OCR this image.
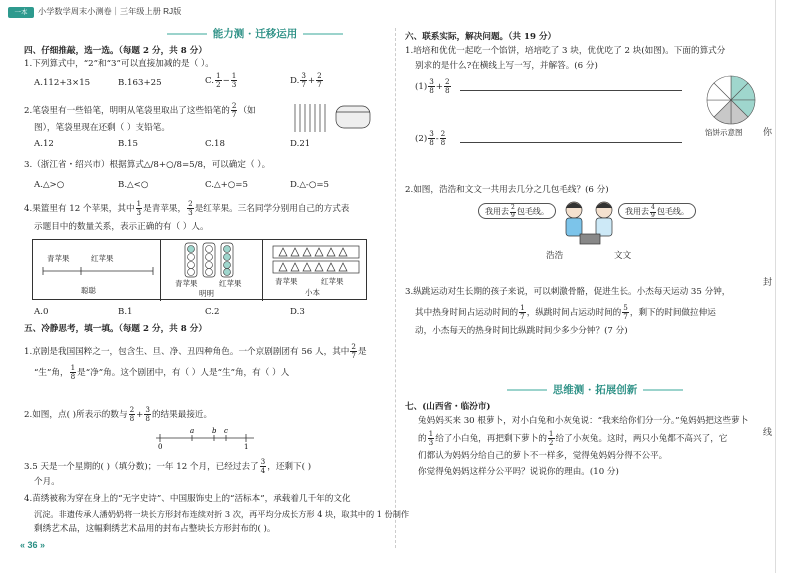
一本	小学数学周末小测卷｜三年级上册 RJ版
能力测 · 迁移运用
四、仔细推敲，选一选。（每题 2 分，共 8 分）
1.下列算式中，“2”和“3”可以直接加减的是（ ）。
A.112+3×15	B.163+25	C. $\frac{1}{2} - \frac{1}{3}$	D. $\frac{3}{7} + \frac{2}{7}$
2.笔袋里有一些铅笔，明明从笔袋里取出了这些铅笔的 $\frac{2}{7}$ （如
图），笔袋里现在还剩（ ）支铅笔。
A.12	B.15	C.18	D.21
3.（浙江省・绍兴市）根据算式△/8+○/8=5/8，可以确定（ ）。
A.△>○	B.△<○	C.△+○=5	D.△-○=5
4.果篮里有 12 个苹果，其中 $\frac{1}{3}$ 是青苹果， $\frac{2}{3}$ 是红苹果。三名同学分别用自己的方式表
示题目中的数量关系，表示正确的有（ ）人。
青苹果	红苹果
聪聪
青苹果	红苹果
明明
青苹果	红苹果
小本
A.0	B.1	C.2	D.3
五、冷静思考，填一填。（每题 2 分，共 8 分）
1.京剧是我国国粹之一，包含生、旦、净、丑四种角色。一个京剧剧团有 56 人，其中 $\frac{2}{7}$ 是
“生”角， $\frac{1}{8}$ 是“净”角。这个剧团中，有（ ）人是“生”角，有（ ）人
2.如图，点( )所表示的数与 $\frac{2}{8} + \frac{3}{8}$ 的结果最接近。
0
a	b c
1
3.5 天是一个星期的( )（填分数)；一年 12 个月，已经过去了 $\frac{3}{4}$ ，还剩下( )
个月。
4.苗绣被称为穿在身上的“无字史诗”、中国服饰史上的“活标本”，承载着几千年的文化
沉淀。非遗传承人潘奶奶将一块长方形封布连续对折 3 次，再平均分成长方形 4 块，取其中的 1 份制作
剩绣艺术品，这幅剩绣艺术品用的封布占整块长方形封布的( )。
« 36 »
六、联系实际，解决问题。（共 19 分）
1.培培和优优一起吃一个馅饼，培培吃了 3 块，优优吃了 2 块(如图)。下面的算式分
别求的是什么?在横线上写一写，并解答。(6 分)
$(1) \frac{3}{8} + \frac{2}{8}$
$(2) \frac{3}{8} - \frac{2}{8}$	馅饼示意图
2.如图，浩浩和文文一共用去几分之几包毛线？(6 分)
我用去 $\frac{2}{9}$ 包毛线。	我用去 $\frac{4}{9}$ 包毛线。
浩浩	文文
3.纵跳运动对生长期的孩子来说，可以刺激骨骼，促进生长。小杰每天运动 35 分钟，
其中热身时间占运动时间的 $\frac{1}{7}$ ，纵跳时间占运动时间的 $\frac{5}{7}$ ，剩下的时间做拉伸运
动，小杰每天的热身时间比纵跳时间少多少分钟？(7 分)
思维测 · 拓展创新
七、(山西省・临汾市)
兔妈妈买来 30 根萝卜，对小白兔和小灰兔说：“我来给你们分一分。”兔妈妈把这些萝卜
的 $\frac{1}{3}$ 给了小白兔，再把剩下萝卜的 $\frac{1}{2}$ 给了小灰兔。这时，两只小兔都不高兴了，它
们都认为妈妈分给自己的萝卜不一样多，觉得兔妈妈分得不公平。
你觉得兔妈妈这样分公平吗？说说你的理由。(10 分)
你
封
线
